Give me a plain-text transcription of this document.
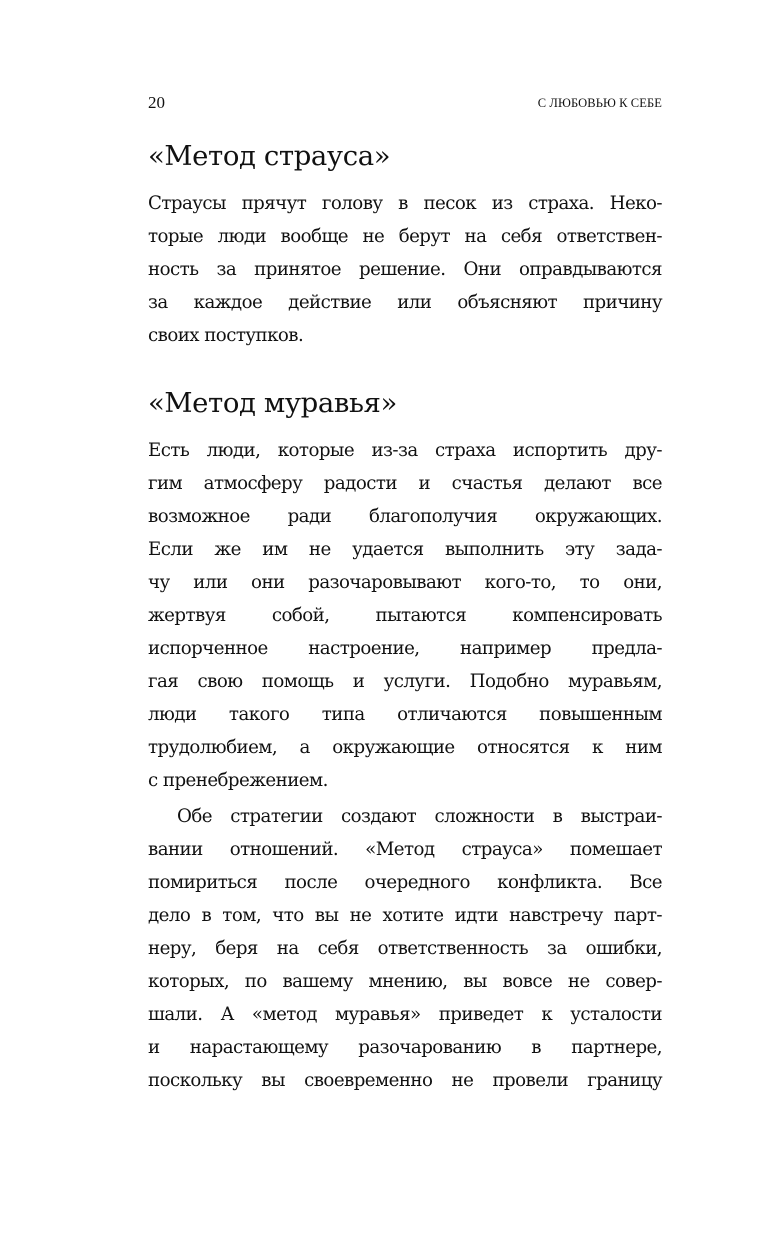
20	С ЛЮБОВЬЮ К СЕБЕ
«Метод страуса»
Страусы прячут голову в песок из страха. Неко-
торые люди вообще не берут на себя ответствен-
ность за принятое решение. Они оправдываются
за каждое действие или объясняют причину
своих поступков.
«Метод муравья»
Есть люди, которые из-за страха испортить дру-
гим атмосферу радости и счастья делают все
возможное ради благополучия окружающих.
Если же им не удается выполнить эту зада-
чу или они разочаровывают кого-то, то они,
жертвуя собой, пытаются компенсировать
испорченное настроение, например предла-
гая свою помощь и услуги. Подобно муравьям,
люди такого типа отличаются повышенным
трудолюбием, а окружающие относятся к ним
с пренебрежением.
Обе стратегии создают сложности в выстраи-
вании отношений. «Метод страуса» помешает
помириться после очередного конфликта. Все
дело в том, что вы не хотите идти навстречу парт-
неру, беря на себя ответственность за ошибки,
которых, по вашему мнению, вы вовсе не совер-
шали. А «метод муравья» приведет к усталости
и нарастающему разочарованию в партнере,
поскольку вы своевременно не провели границу
